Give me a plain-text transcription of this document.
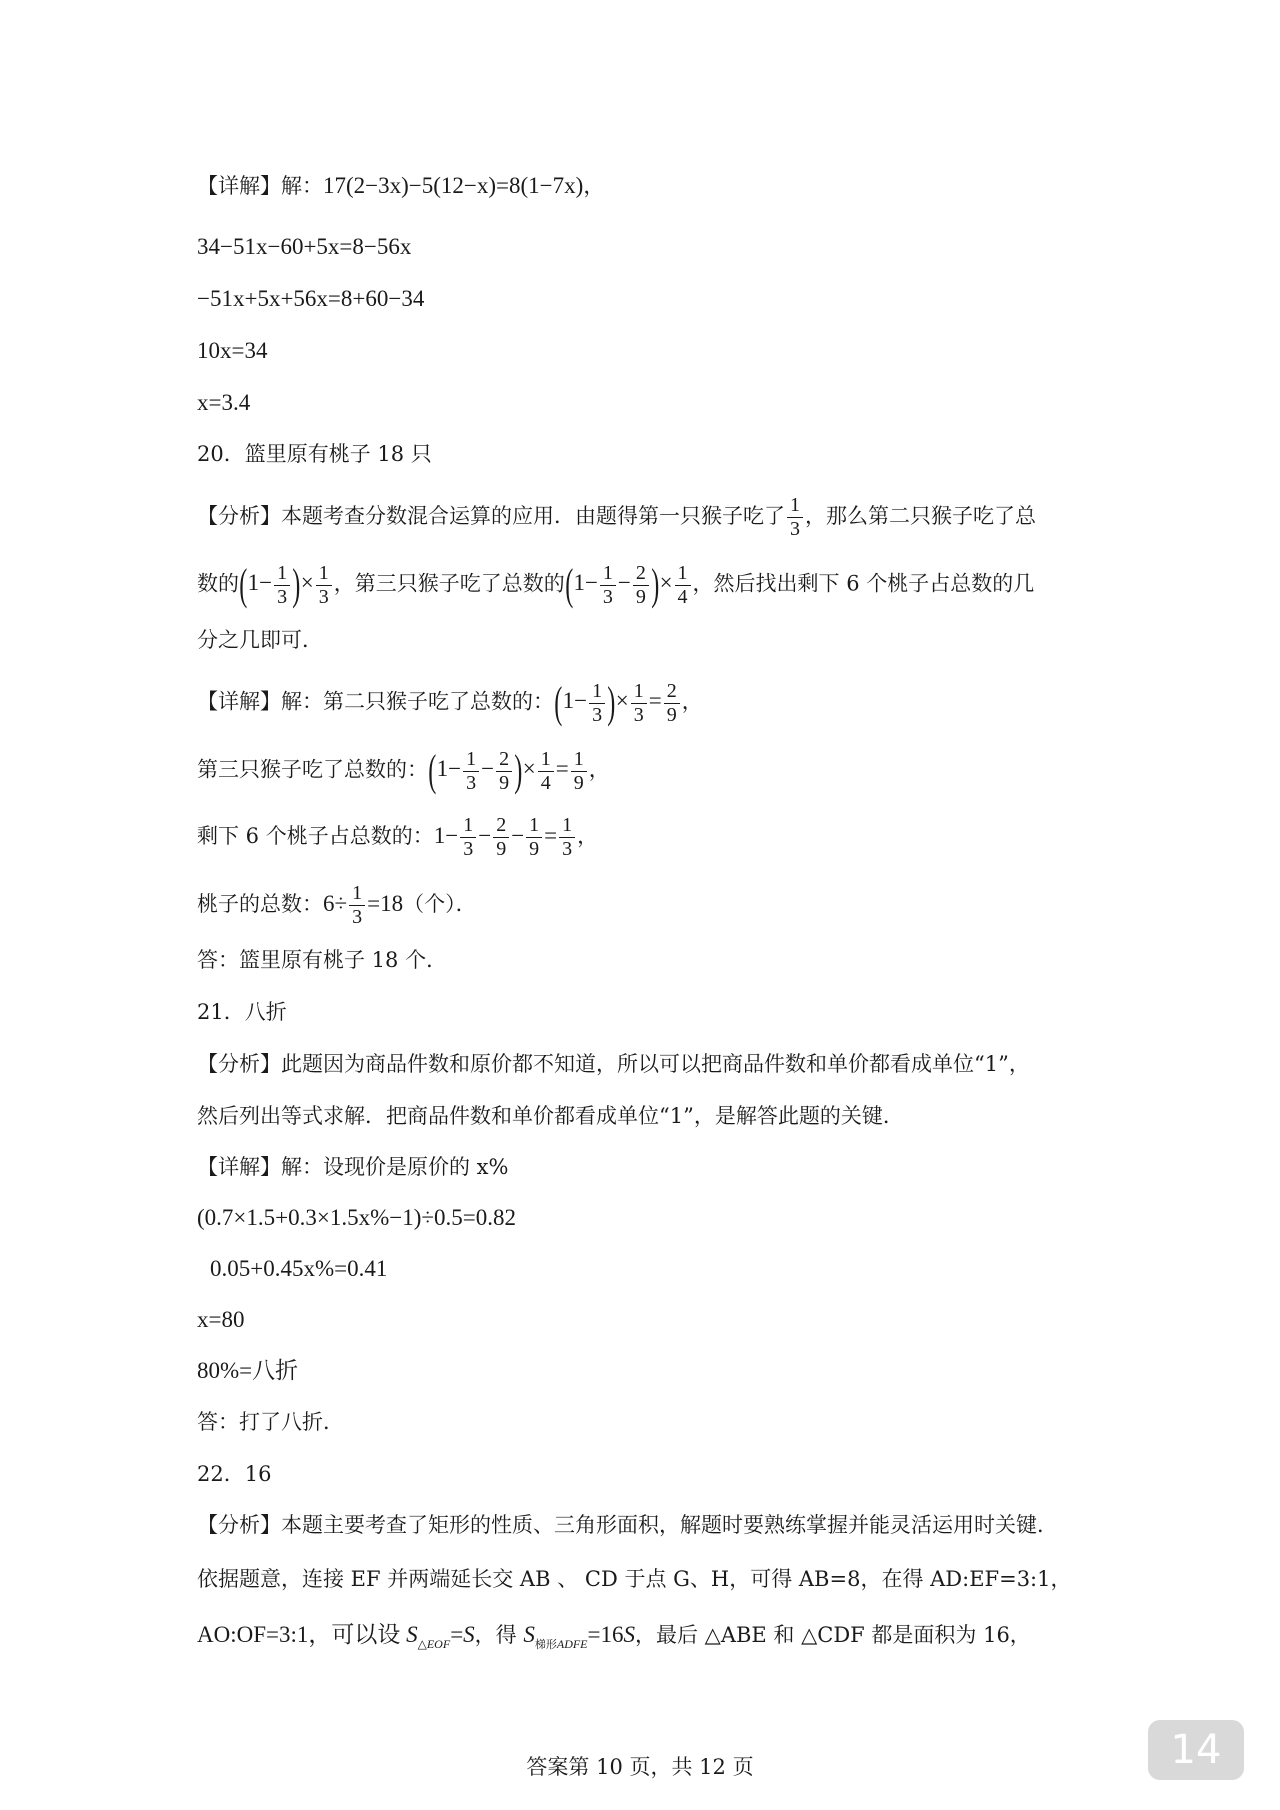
【详解】解：17(2−3x)−5(12−x)=8(1−7x)，
34−51x−60+5x=8−56x
−51x+5x+56x=8+60−34
10x=34
x=3.4
20．篮里原有桃子 18 只
【分析】本题考查分数混合运算的应用．由题得第一只猴子吃了 $\frac{1}{3}$ ，那么第二只猴子吃了总
数的($1- \frac{1}{3}$ )× $\frac{1}{3}$ ，第三只猴子吃了总数的($1- \frac{1}{3} - \frac{2}{9}$ )× $\frac{1}{4}$ ，然后找出剩下 6 个桃子占总数的几
分之几即可．
【详解】解：第二只猴子吃了总数的：($1- \frac{1}{3}$ )× $\frac{1}{3} = \frac{2}{9}$ ，
第三只猴子吃了总数的：($1- \frac{1}{3} - \frac{2}{9}$ )× $\frac{1}{4} = \frac{1}{9}$ ，
剩下 6 个桃子占总数的：$1- \frac{1}{3} - \frac{2}{9} - \frac{1}{9} = \frac{1}{3}$ ，
桃子的总数：$6\div \frac{1}{3} =18$（个）．
答：篮里原有桃子 18 个．
21．八折
【分析】此题因为商品件数和原价都不知道，所以可以把商品件数和单价都看成单位“1”，
然后列出等式求解．把商品件数和单价都看成单位“1”，是解答此题的关键．
【详解】解：设现价是原价的 x%
(0.7×1.5+0.3×1.5x%−1)÷0.5=0.82
0.05+0.45x%=0.41
x=80
80%=八折
答：打了八折．
22．16
【分析】本题主要考查了矩形的性质、三角形面积，解题时要熟练掌握并能灵活运用时关键．
依据题意，连接 EF 并两端延长交 AB 、 CD 于点 G、H，可得 AB=8，在得 AD:EF=3:1，
AO:OF=3:1，可以设 $S_{\triangle EOF}=S$，得 $S_{梯形ADFE}=16S$，最后 △ABE 和 △CDF 都是面积为 16，
答案第 10 页，共 12 页	14
